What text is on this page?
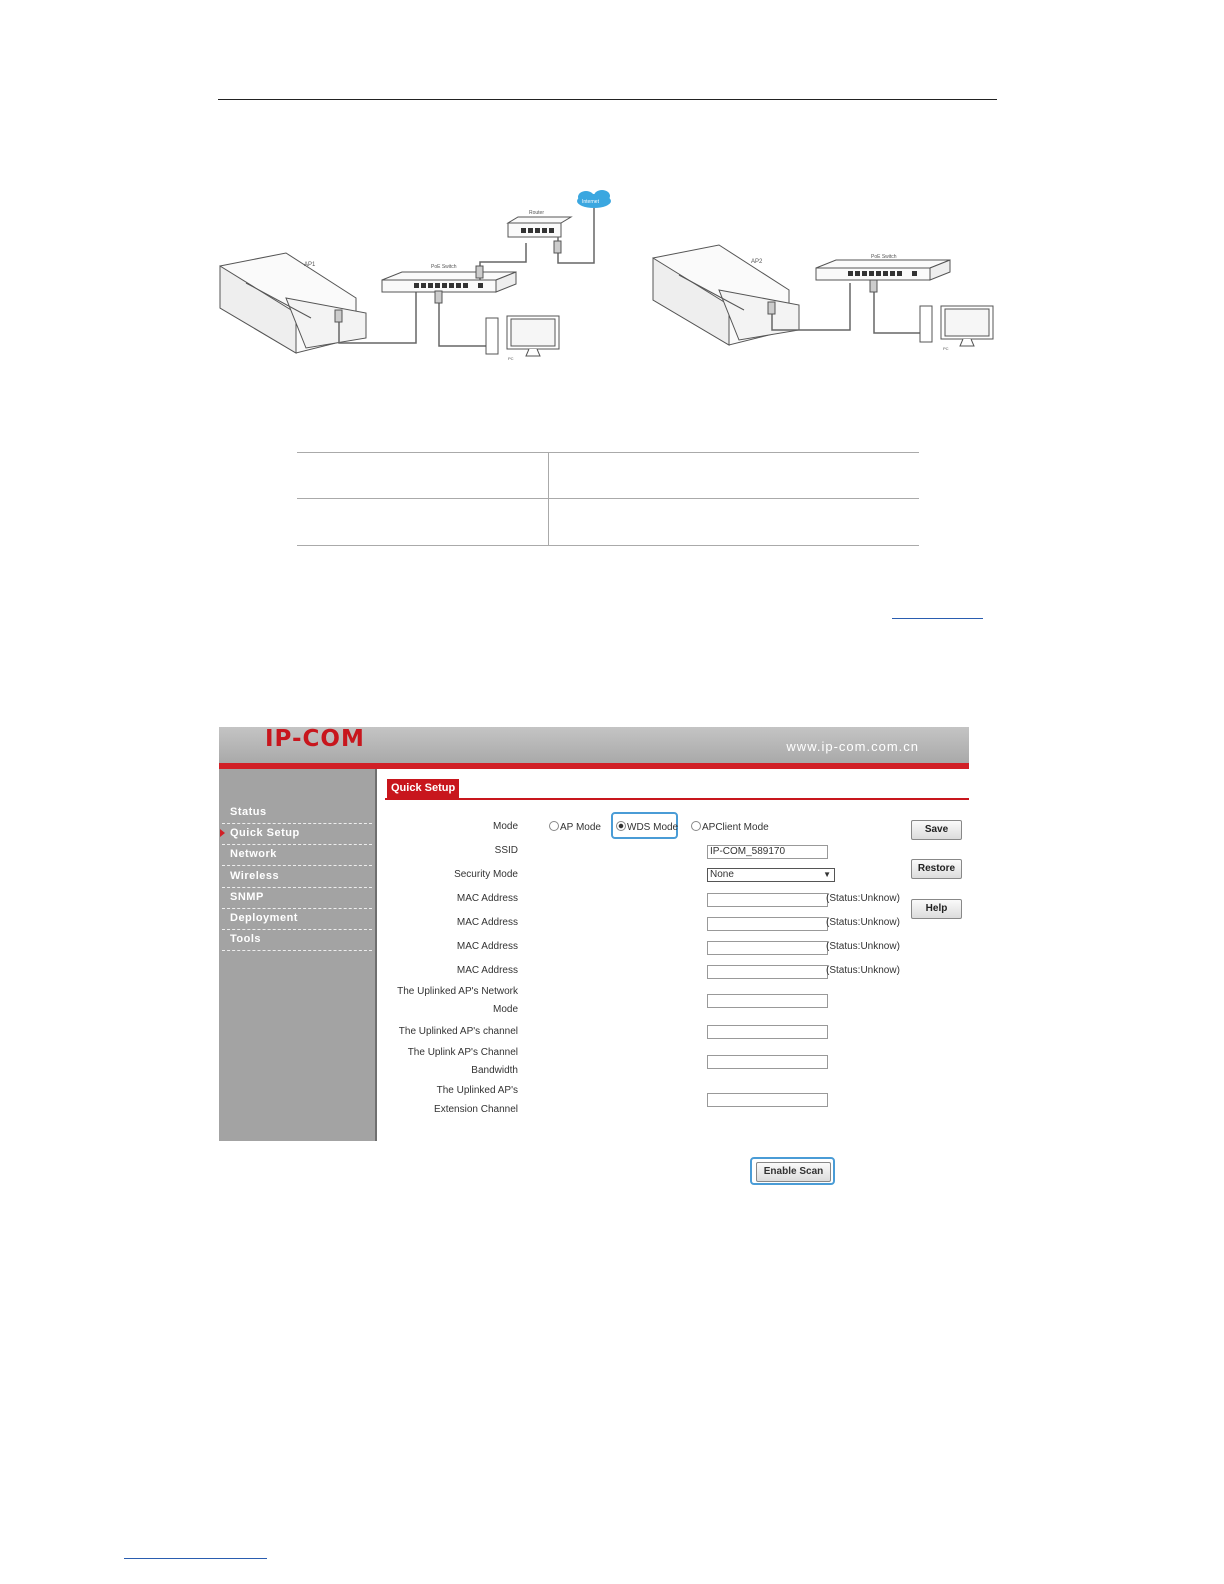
AP1	PoE Switch
Router
Internet
PC
AP2
PoE Switch
PC
IP-COM	www.ip-com.com.cn
Status
Quick Setup
Network
Wireless
SNMP
Deployment
Tools
Quick Setup
Mode	AP Mode	WDS Mode	APClient Mode
SSID	IP-COM_589170
Security Mode	None	▼
MAC Address	(Status:Unknow)
MAC Address	(Status:Unknow)
MAC Address	(Status:Unknow)
MAC Address	(Status:Unknow)
The Uplinked AP's Network
Mode
The Uplinked AP's channel
The Uplink AP's Channel
Bandwidth
The Uplinked AP's
Extension Channel
Enable Scan
Save
Restore
Help
